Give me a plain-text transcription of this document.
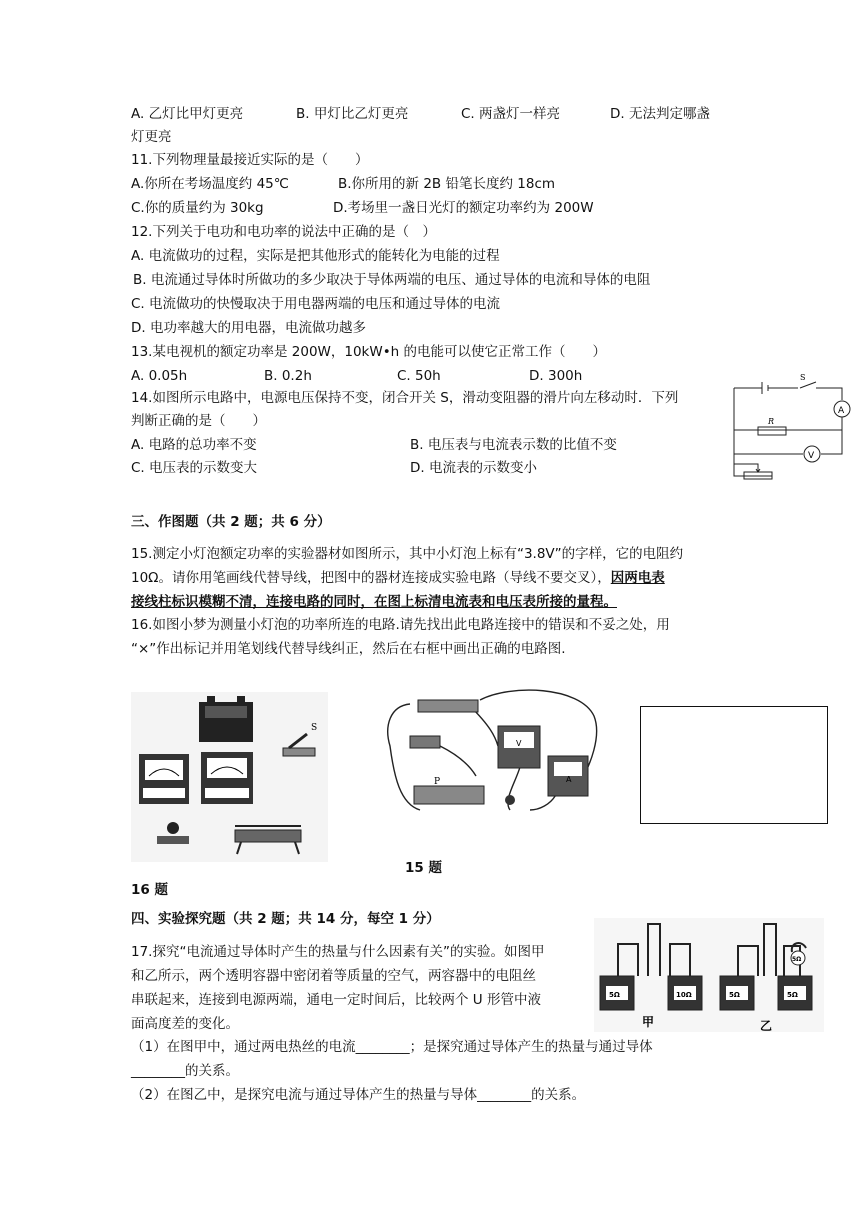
A. 乙灯比甲灯更亮	B. 甲灯比乙灯更亮	C. 两盏灯一样亮	D. 无法判定哪盏
灯更亮
11.下列物理量最接近实际的是（　　）
A.你所在考场温度约 45℃	B.你所用的新 2B 铅笔长度约 18cm
C.你的质量约为 30kg	D.考场里一盏日光灯的额定功率约为 200W
12.下列关于电功和电功率的说法中正确的是（　）
A. 电流做功的过程，实际是把其他形式的能转化为电能的过程
B. 电流通过导体时所做功的多少取决于导体两端的电压、通过导体的电流和导体的电阻
C. 电流做功的快慢取决于用电器两端的电压和通过导体的电流
D. 电功率越大的用电器，电流做功越多
13.某电视机的额定功率是 200W，10kW•h 的电能可以使它正常工作（　　）
A. 0.05h	B. 0.2h	C. 50h	D. 300h
14.如图所示电路中，电源电压保持不变，闭合开关 S，滑动变阻器的滑片向左移动时．下列
判断正确的是（　　）
A. 电路的总功率不变	B. 电压表与电流表示数的比值不变
C. 电压表的示数变大	D. 电流表的示数变小
S
A
R
V
三、作图题（共 2 题；共 6 分）
15.测定小灯泡额定功率的实验器材如图所示，其中小灯泡上标有“3.8V”的字样，它的电阻约
10Ω。请你用笔画线代替导线，把图中的器材连接成实验电路（导线不要交叉），因两电表
接线柱标识模糊不清，连接电路的同时，在图上标清电流表和电压表所接的量程。
16.如图小梦为测量小灯泡的功率所连的电路.请先找出此电路连接中的错误和不妥之处，用
“×”作出标记并用笔划线代替导线纠正，然后在右框中画出正确的电路图.
S
P
V
A
15 题
16 题
四、实验探究题（共 2 题；共 14 分，每空 1 分）
17.探究“电流通过导体时产生的热量与什么因素有关”的实验。如图甲
和乙所示，两个透明容器中密闭着等质量的空气，两容器中的电阻丝
串联起来，连接到电源两端，通电一定时间后，比较两个 U 形管中液
面高度差的变化。
（1）在图甲中，通过两电热丝的电流________；是探究通过导体产生的热量与通过导体
________的关系。
（2）在图乙中，是探究电流与通过导体产生的热量与导体________的关系。
5Ω	10Ω	5Ω	5Ω
5Ω
甲	乙
